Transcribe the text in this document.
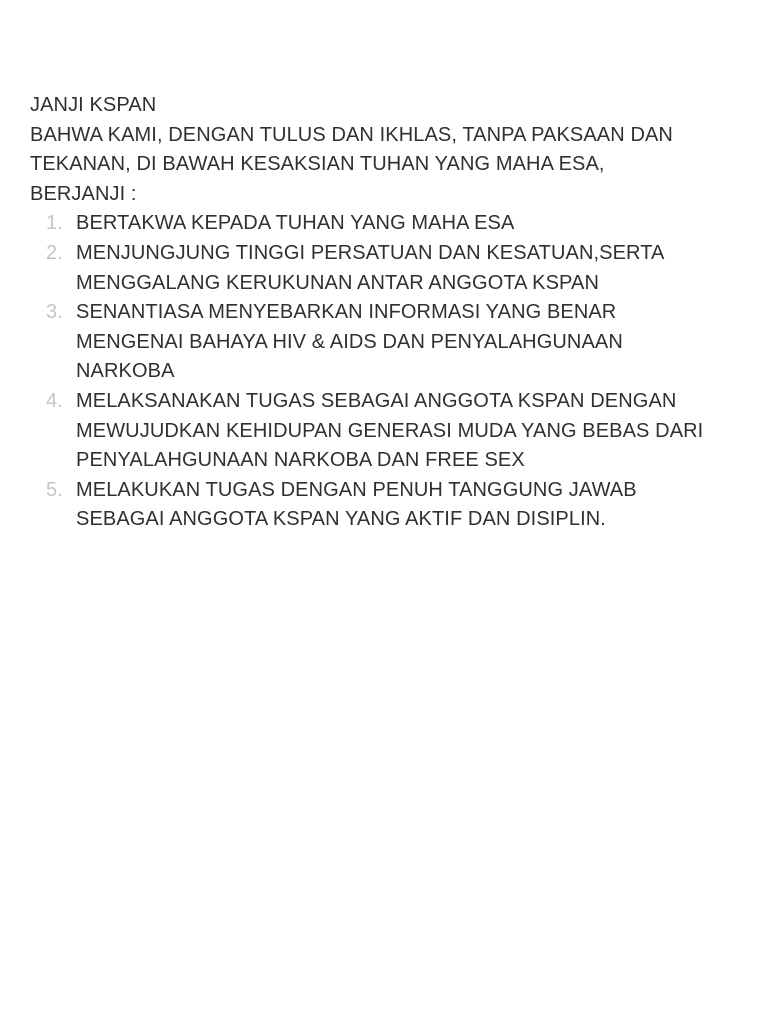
JANJI KSPAN
BAHWA KAMI, DENGAN TULUS DAN IKHLAS, TANPA PAKSAAN DAN
TEKANAN, DI BAWAH KESAKSIAN TUHAN YANG MAHA ESA,
BERJANJI :
1. BERTAKWA KEPADA TUHAN YANG MAHA ESA
2. MENJUNGJUNG TINGGI PERSATUAN DAN KESATUAN,SERTA
MENGGALANG KERUKUNAN ANTAR ANGGOTA KSPAN
3. SENANTIASA MENYEBARKAN INFORMASI YANG BENAR
MENGENAI BAHAYA HIV & AIDS DAN PENYALAHGUNAAN
NARKOBA
4. MELAKSANAKAN TUGAS SEBAGAI ANGGOTA KSPAN DENGAN
MEWUJUDKAN KEHIDUPAN GENERASI MUDA YANG BEBAS DARI
PENYALAHGUNAAN NARKOBA DAN FREE SEX
5. MELAKUKAN TUGAS DENGAN PENUH TANGGUNG JAWAB
SEBAGAI ANGGOTA KSPAN YANG AKTIF DAN DISIPLIN.
